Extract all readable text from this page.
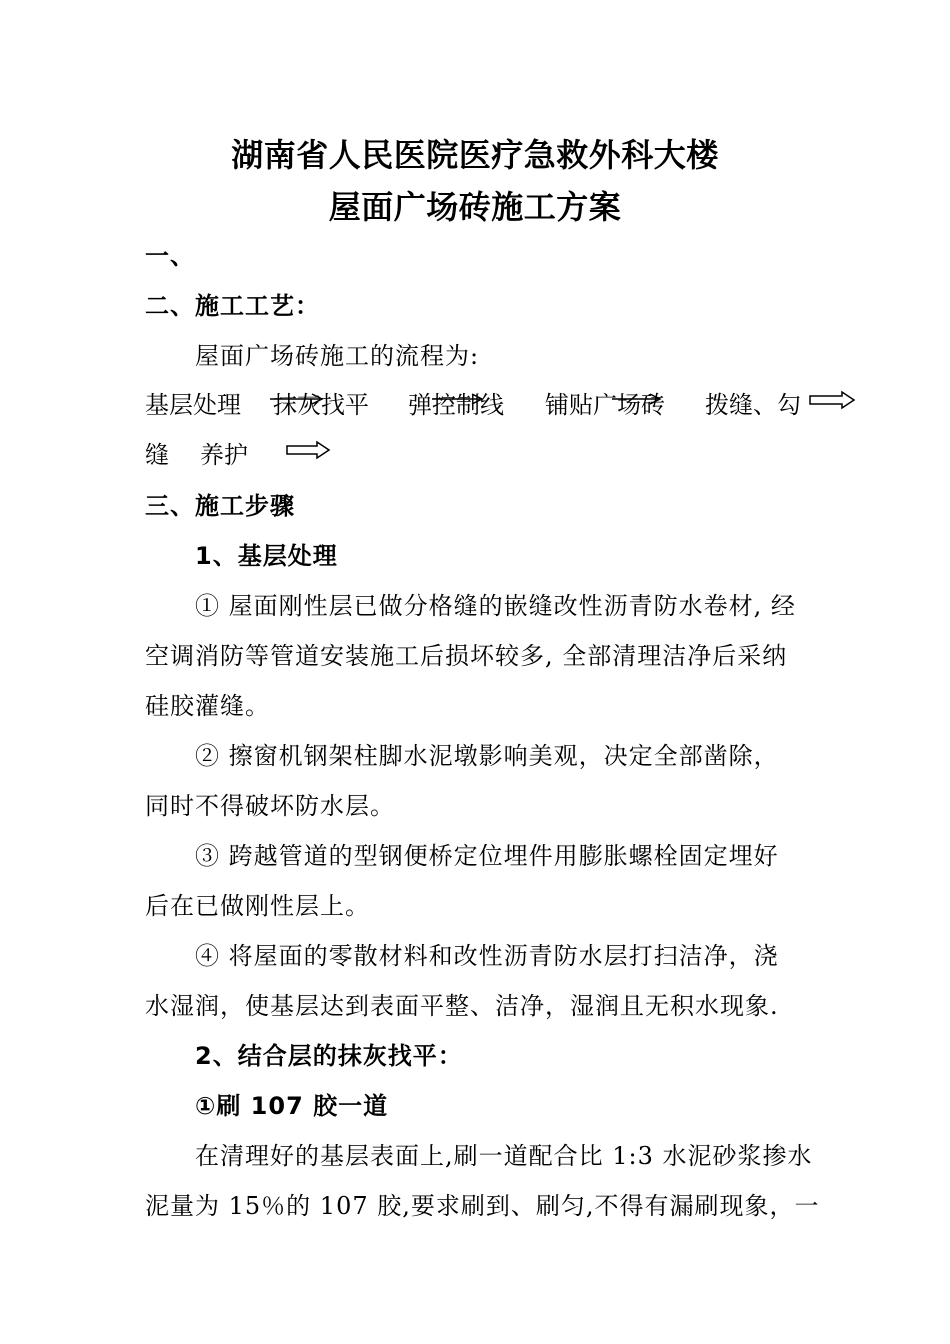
湖南省人民医院医疗急救外科大楼
屋面广场砖施工方案
一、
二、施工工艺：
屋面广场砖施工的流程为:
基层处理 抹灰找平 弹控制线 铺贴广场砖 拨缝、勾
缝 养护
三、施工步骤
1、基层处理
① 屋面刚性层已做分格缝的嵌缝改性沥青防水卷材, 经
空调消防等管道安装施工后损坏较多, 全部清理洁净后采纳
硅胶灌缝。
② 擦窗机钢架柱脚水泥墩影响美观，决定全部凿除，
同时不得破坏防水层。
③ 跨越管道的型钢便桥定位埋件用膨胀螺栓固定埋好
后在已做刚性层上。
④ 将屋面的零散材料和改性沥青防水层打扫洁净，浇
水湿润，使基层达到表面平整、洁净，湿润且无积水现象.
2、结合层的抹灰找平：
①刷 107 胶一道
在清理好的基层表面上,刷一道配合比 1:3 水泥砂浆掺水
泥量为 15％的 107 胶,要求刷到、刷匀,不得有漏刷现象，一
